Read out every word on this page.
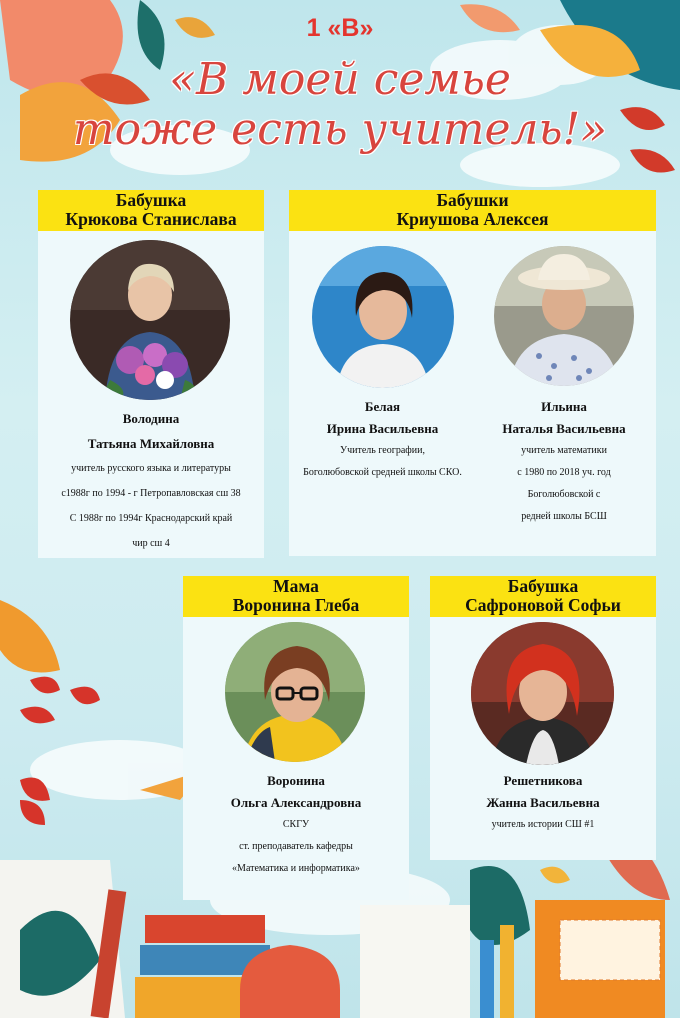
1 «В»
«В моей семье
тоже есть учитель!»
Бабушка
Крюкова Станислава
Володина
Татьяна Михайловна
учитель русского языка и литературы
с1988г по 1994 - г Петропавловская сш 38
С 1988г по 1994г Краснодарский край
чир сш 4
Бабушки
Криушова Алексея
Белая
Ирина Васильевна
Учитель географии,
Боголюбовской средней школы СКО.
Ильина
Наталья Васильевна
учитель математики
с 1980 по 2018 уч. год
Боголюбовской с
редней школы БСШ
Мама
Воронина Глеба
Воронина
Ольга Александровна
СКГУ
ст. преподаватель кафедры
«Математика и информатика»
Бабушка
Сафроновой Софьи
Решетникова
Жанна Васильевна
учитель истории СШ #1
